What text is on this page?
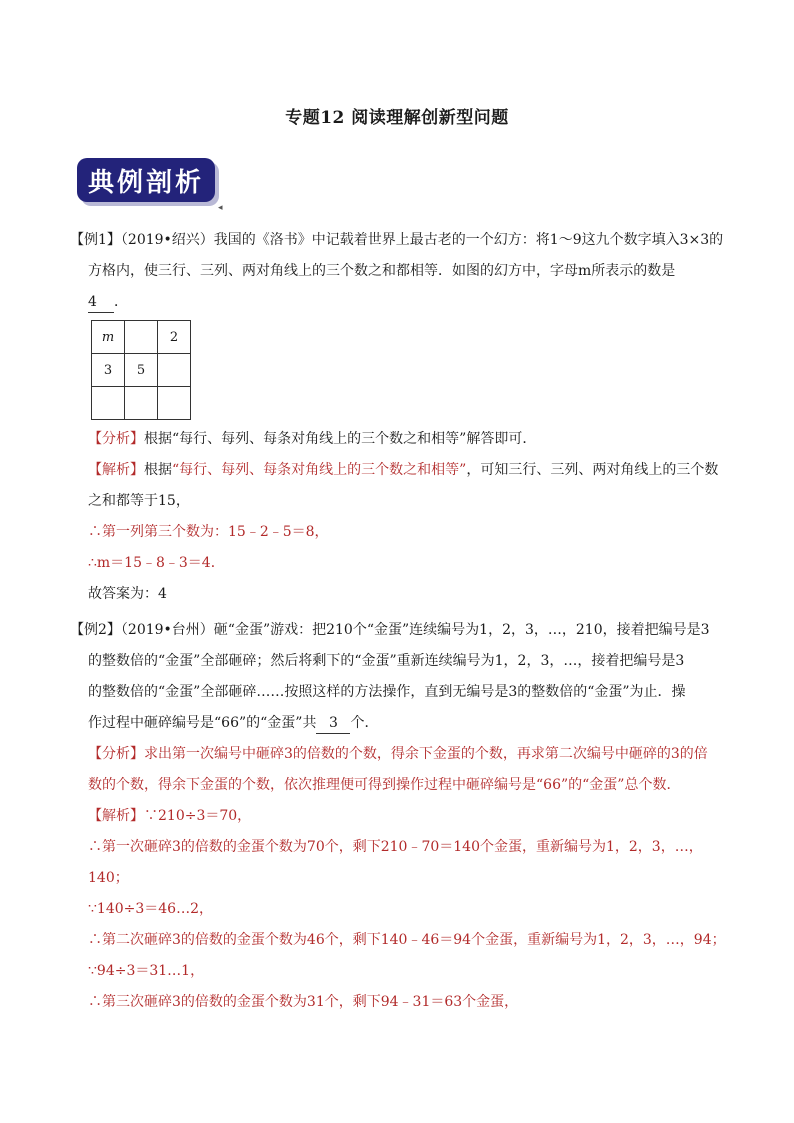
专题12 阅读理解创新型问题
典例剖析
◂
【例1】（2019•绍兴）我国的《洛书》中记载着世界上最古老的一个幻方：将1～9这九个数字填入3×3的
方格内，使三行、三列、两对角线上的三个数之和都相等．如图的幻方中，字母m所表示的数是
4 ．
m		2
3	5	

【分析】根据“每行、每列、每条对角线上的三个数之和相等”解答即可．
【解析】根据“每行、每列、每条对角线上的三个数之和相等”，可知三行、三列、两对角线上的三个数
之和都等于15，
∴第一列第三个数为：15﹣2﹣5＝8，
∴m＝15﹣8﹣3＝4．
故答案为：4
【例2】（2019•台州）砸“金蛋”游戏：把210个“金蛋”连续编号为1，2，3，…，210，接着把编号是3
的整数倍的“金蛋”全部砸碎；然后将剩下的“金蛋”重新连续编号为1，2，3，…，接着把编号是3
的整数倍的“金蛋”全部砸碎……按照这样的方法操作，直到无编号是3的整数倍的“金蛋”为止．操
作过程中砸碎编号是“66”的“金蛋”共 3 个．
【分析】求出第一次编号中砸碎3的倍数的个数，得余下金蛋的个数，再求第二次编号中砸碎的3的倍
数的个数，得余下金蛋的个数，依次推理便可得到操作过程中砸碎编号是“66”的“金蛋”总个数．
【解析】∵210÷3＝70，
∴第一次砸碎3的倍数的金蛋个数为70个，剩下210﹣70＝140个金蛋，重新编号为1，2，3，…，
140；
∵140÷3＝46…2，
∴第二次砸碎3的倍数的金蛋个数为46个，剩下140﹣46＝94个金蛋，重新编号为1，2，3，…，94；
∵94÷3＝31…1，
∴第三次砸碎3的倍数的金蛋个数为31个，剩下94﹣31＝63个金蛋，
